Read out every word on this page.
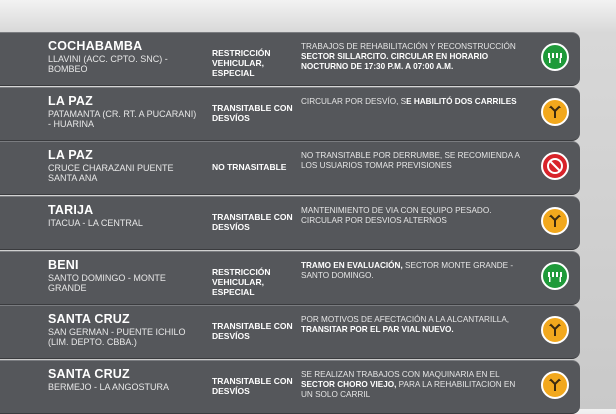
COCHABAMBA
LLAVINI (ACC. CPTO. SNC) - BOMBEO
RESTRICCIÓN VEHICULAR, ESPECIAL
TRABAJOS DE REHABILITACIÓN Y RECONSTRUCCIÓN SECTOR SILLARCITO. CIRCULAR EN HORARIO NOCTURNO DE 17:30 P.M. A 07:00 A.M.
LA PAZ
PATAMANTA (CR. RT. A PUCARANI) - HUARINA
TRANSITABLE CON DESVÍOS
CIRCULAR POR DESVÍO, SE HABILITÓ DOS CARRILES
LA PAZ
CRUCE CHARAZANI PUENTE SANTA ANA
NO TRNASITABLE
NO TRANSITABLE POR DERRUMBE, SE RECOMIENDA A LOS USUARIOS TOMAR PREVISIONES
TARIJA
ITACUA - LA CENTRAL
TRANSITABLE CON DESVÍOS
MANTENIMIENTO DE VIA CON EQUIPO PESADO. CIRCULAR POR DESVIOS ALTERNOS
BENI
SANTO DOMINGO - MONTE GRANDE
RESTRICCIÓN VEHICULAR, ESPECIAL
TRAMO EN EVALUACIÓN, SECTOR MONTE GRANDE - SANTO DOMINGO.
SANTA CRUZ
SAN GERMAN - PUENTE ICHILO (LIM. DEPTO. CBBA.)
TRANSITABLE CON DESVÍOS
POR MOTIVOS DE AFECTACIÓN A LA ALCANTARILLA, TRANSITAR POR EL PAR VIAL NUEVO.
SANTA CRUZ
BERMEJO - LA ANGOSTURA
TRANSITABLE CON DESVÍOS
SE REALIZAN TRABAJOS CON MAQUINARIA EN EL SECTOR CHORO VIEJO, PARA LA REHABILITACION EN UN SOLO CARRIL
